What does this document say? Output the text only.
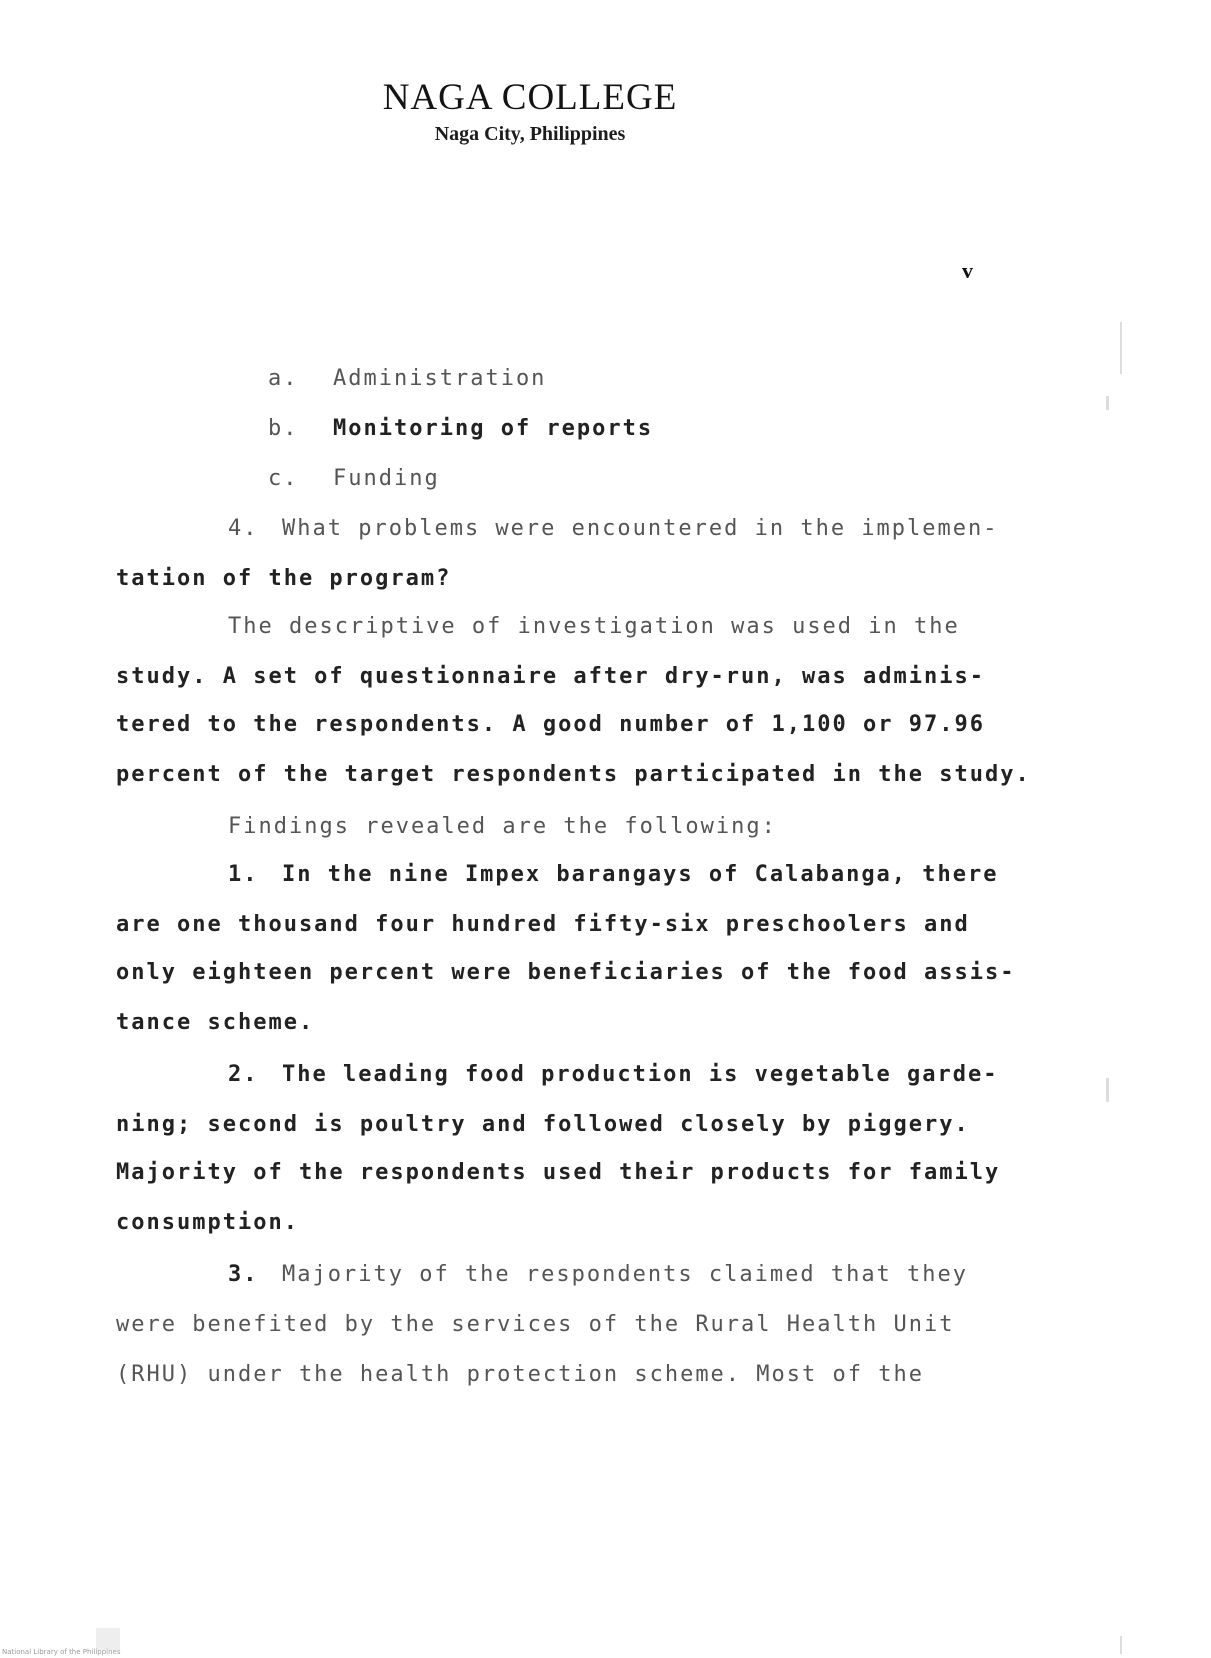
NAGA COLLEGE
Naga City, Philippines
v
a. Administration
b. Monitoring of reports
c. Funding
4. What problems were encountered in the implemen-
tation of the program?
The descriptive of investigation was used in the
study. A set of questionnaire after dry-run, was adminis-
tered to the respondents. A good number of 1,100 or 97.96
percent of the target respondents participated in the study.
Findings revealed are the following:
1. In the nine Impex barangays of Calabanga, there
are one thousand four hundred fifty-six preschoolers and
only eighteen percent were beneficiaries of the food assis-
tance scheme.
2. The leading food production is vegetable garde-
ning; second is poultry and followed closely by piggery.
Majority of the respondents used their products for family
consumption.
3. Majority of the respondents claimed that they
were benefited by the services of the Rural Health Unit
(RHU) under the health protection scheme. Most of the
National Library of the Philippines
